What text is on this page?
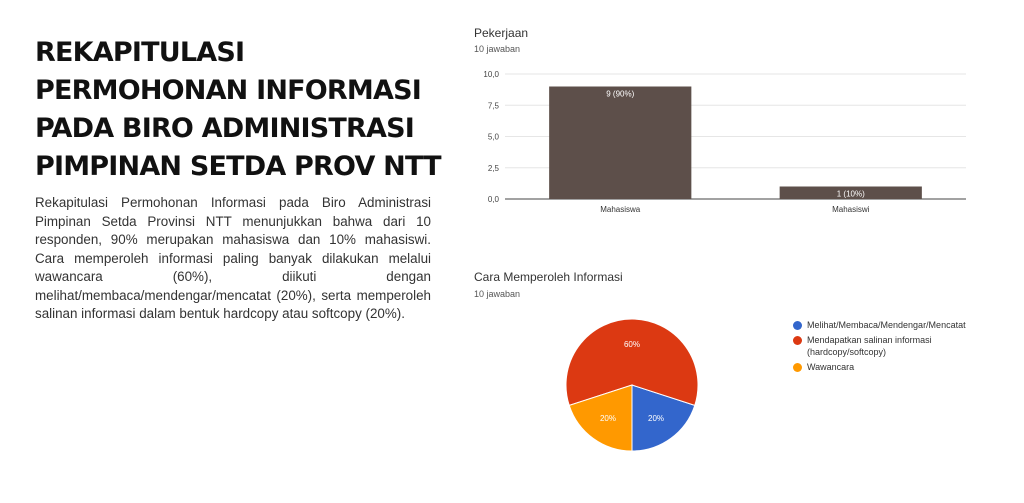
REKAPITULASI
PERMOHONAN INFORMASI
PADA BIRO ADMINISTRASI
PIMPINAN SETDA PROV NTT

Rekapitulasi Permohonan Informasi pada Biro Administrasi Pimpinan Setda Provinsi NTT menunjukkan bahwa dari 10 responden, 90% merupakan mahasiswa dan 10% mahasiswi. Cara memperoleh informasi paling banyak dilakukan melalui wawancara (60%), diikuti dengan melihat/membaca/mendengar/mencatat (20%), serta memperoleh salinan informasi dalam bentuk hardcopy atau softcopy (20%).

Pekerjaan
10 jawaban
10,0
7,5
5,0
2,5
0,0
9 (90%)
Mahasiswa
1 (10%)
Mahasiswi
Cara Memperoleh Informasi
10 jawaban
20%
60%
20%
Melihat/Membaca/Mendengar/Mencatat
Mendapatkan salinan informasi
(hardcopy/softcopy)
Wawancara
